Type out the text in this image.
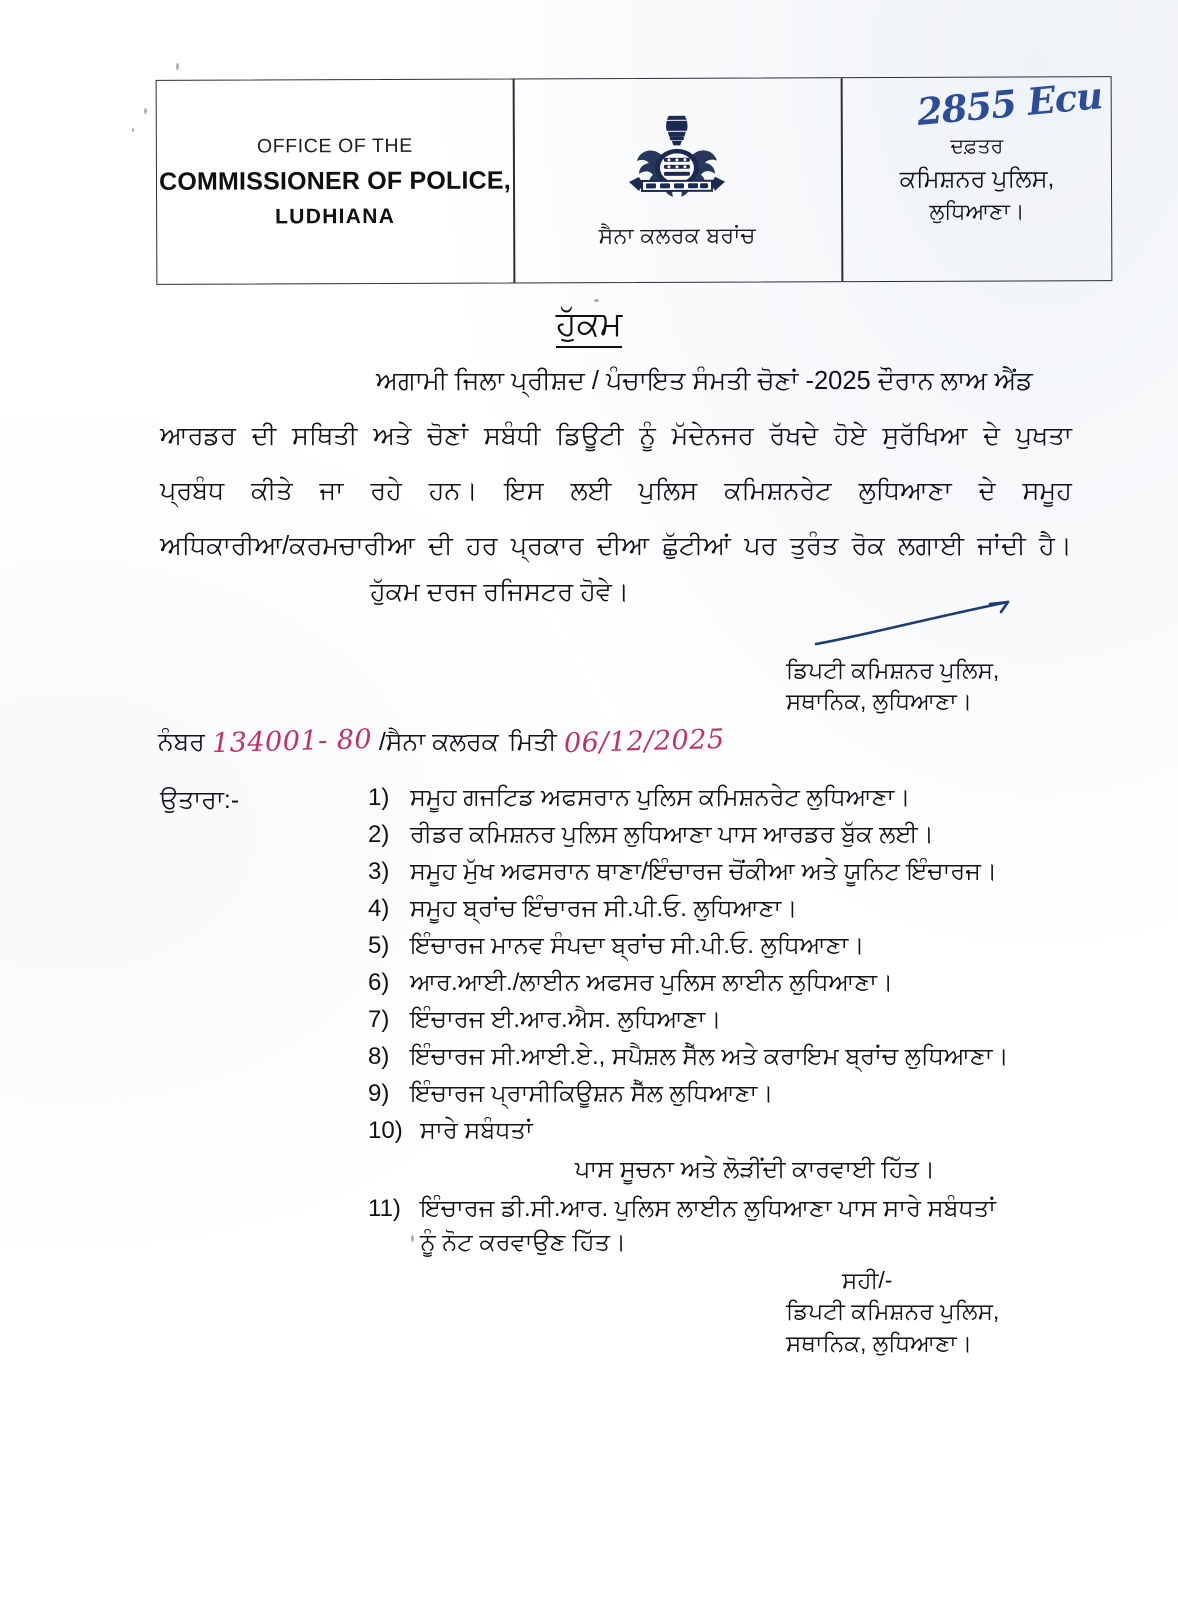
OFFICE OF THE
COMMISSIONER OF POLICE,
LUDHIANA
ਸੈਨਾ ਕਲਰਕ ਬਰਾਂਚ
2855 Ecu
ਦਫ਼ਤਰ
ਕਮਿਸ਼ਨਰ ਪੁਲਿਸ,
ਲੁਧਿਆਣਾ।
ਹੁੱਕਮ
ਅਗਾਮੀ ਜਿਲਾ ਪ੍ਰੀਸ਼ਦ / ਪੰਚਾਇਤ ਸੰਮਤੀ ਚੋਣਾਂ -2025 ਦੌਰਾਨ ਲਾਅ ਐਂਡ
ਆਰਡਰ ਦੀ ਸਥਿਤੀ ਅਤੇ ਚੋਣਾਂ ਸਬੰਧੀ ਡਿਊਟੀ ਨੂੰ ਮੱਦੇਨਜਰ ਰੱਖਦੇ ਹੋਏ ਸੁਰੱਖਿਆ ਦੇ ਪੁਖਤਾ
ਪ੍ਰਬੰਧ ਕੀਤੇ ਜਾ ਰਹੇ ਹਨ। ਇਸ ਲਈ ਪੁਲਿਸ ਕਮਿਸ਼ਨਰੇਟ ਲੁਧਿਆਣਾ ਦੇ ਸਮੂਹ
ਅਧਿਕਾਰੀਆ/ਕਰਮਚਾਰੀਆ ਦੀ ਹਰ ਪ੍ਰਕਾਰ ਦੀਆ ਛੁੱਟੀਆਂ ਪਰ ਤੁਰੰਤ ਰੋਕ ਲਗਾਈ ਜਾਂਦੀ ਹੈ।
ਹੁੱਕਮ ਦਰਜ ਰਜਿਸਟਰ ਹੋਵੇ।
ਡਿਪਟੀ ਕਮਿਸ਼ਨਰ ਪੁਲਿਸ,
ਸਥਾਨਿਕ, ਲੁਧਿਆਣਾ।
ਨੰਬਰ 134001- 80 /ਸੈਨਾ ਕਲਰਕ ਮਿਤੀ 06/12/2025
ਉਤਾਰਾ:-	1) ਸਮੂਹ ਗਜਟਿਡ ਅਫਸਰਾਨ ਪੁਲਿਸ ਕਮਿਸ਼ਨਰੇਟ ਲੁਧਿਆਣਾ।
2) ਰੀਡਰ ਕਮਿਸ਼ਨਰ ਪੁਲਿਸ ਲੁਧਿਆਣਾ ਪਾਸ ਆਰਡਰ ਬੁੱਕ ਲਈ।
3) ਸਮੂਹ ਮੁੱਖ ਅਫਸਰਾਨ ਥਾਣਾ/ਇੰਚਾਰਜ ਚੋਂਕੀਆ ਅਤੇ ਯੂਨਿਟ ਇੰਚਾਰਜ।
4) ਸਮੂਹ ਬ੍ਰਾਂਚ ਇੰਚਾਰਜ ਸੀ.ਪੀ.ਓ. ਲੁਧਿਆਣਾ।
5) ਇੰਚਾਰਜ ਮਾਨਵ ਸੰਪਦਾ ਬ੍ਰਾਂਚ ਸੀ.ਪੀ.ਓ. ਲੁਧਿਆਣਾ।
6) ਆਰ.ਆਈ./ਲਾਈਨ ਅਫਸਰ ਪੁਲਿਸ ਲਾਈਨ ਲੁਧਿਆਣਾ।
7) ਇੰਚਾਰਜ ਈ.ਆਰ.ਐਸ. ਲੁਧਿਆਣਾ।
8) ਇੰਚਾਰਜ ਸੀ.ਆਈ.ਏ., ਸਪੈਸ਼ਲ ਸੈੱਲ ਅਤੇ ਕਰਾਇਮ ਬ੍ਰਾਂਚ ਲੁਧਿਆਣਾ।
9) ਇੰਚਾਰਜ ਪ੍ਰਾਸੀਕਿਊਸ਼ਨ ਸੈੱਲ ਲੁਧਿਆਣਾ।
10) ਸਾਰੇ ਸਬੰਧਤਾਂ
ਪਾਸ ਸੂਚਨਾ ਅਤੇ ਲੋੜੀਂਦੀ ਕਾਰਵਾਈ ਹਿੱਤ।
11) ਇੰਚਾਰਜ ਡੀ.ਸੀ.ਆਰ. ਪੁਲਿਸ ਲਾਈਨ ਲੁਧਿਆਣਾ ਪਾਸ ਸਾਰੇ ਸਬੰਧਤਾਂ
ਨੂੰ ਨੋਟ ਕਰਵਾਉਣ ਹਿੱਤ।
ਸਹੀ/-
ਡਿਪਟੀ ਕਮਿਸ਼ਨਰ ਪੁਲਿਸ,
ਸਥਾਨਿਕ, ਲੁਧਿਆਣਾ।
